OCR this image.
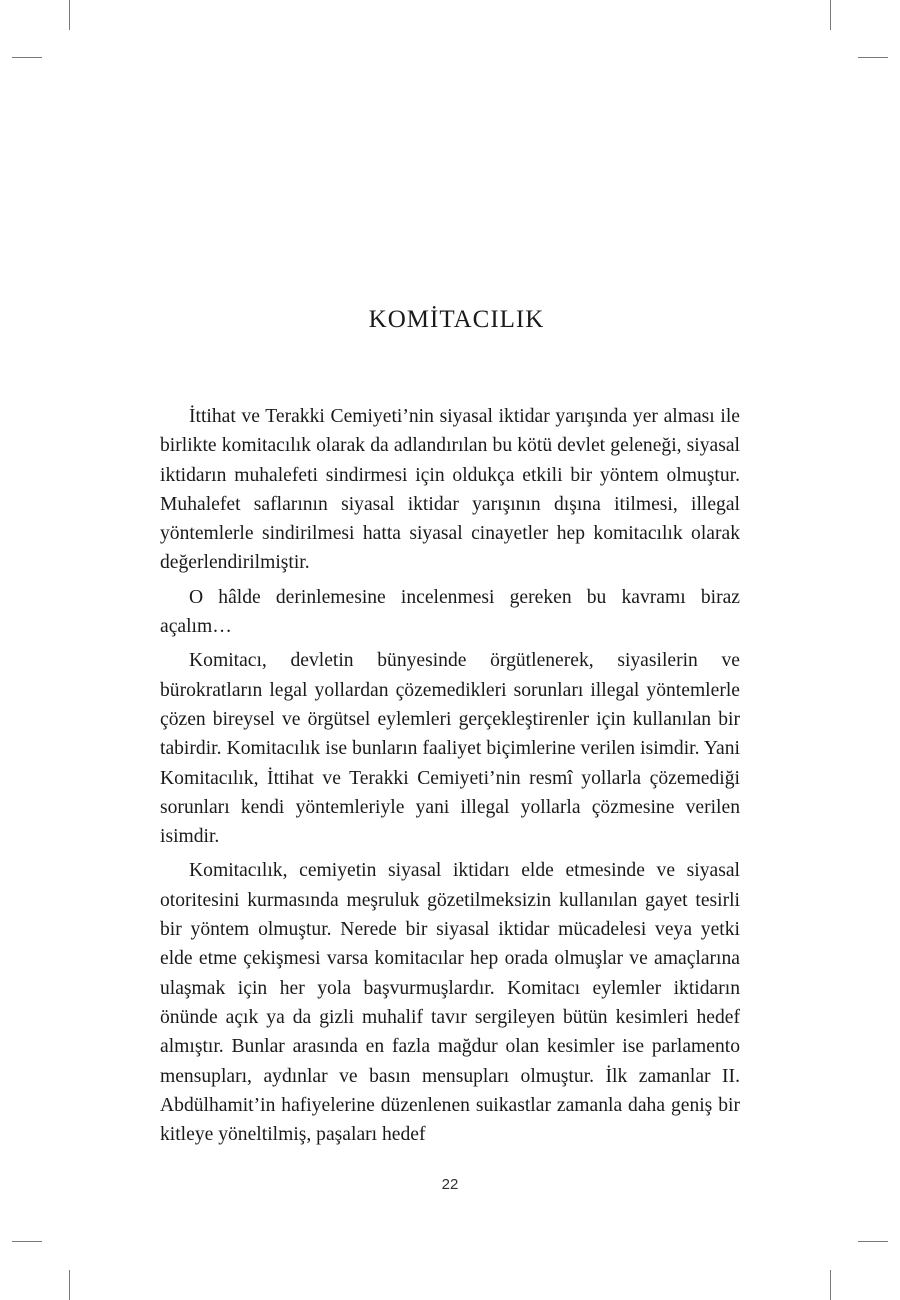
KOMİTACILIK

İttihat ve Terakki Cemiyeti’nin siyasal iktidar yarışında yer alması ile birlikte komitacılık olarak da adlandırılan bu kötü devlet geleneği, siyasal iktidarın muhalefeti sindirmesi için oldukça etkili bir yöntem olmuştur. Muhalefet saflarının siyasal iktidar yarışının dışına itilmesi, illegal yöntemlerle sindirilmesi hatta siyasal cinayetler hep komitacılık olarak değerlendirilmiştir.

O hâlde derinlemesine incelenmesi gereken bu kavramı biraz açalım…

Komitacı, devletin bünyesinde örgütlenerek, siyasilerin ve bürokratların legal yollardan çözemedikleri sorunları illegal yöntemlerle çözen bireysel ve örgütsel eylemleri gerçekleştirenler için kullanılan bir tabirdir. Komitacılık ise bunların faaliyet biçimlerine verilen isimdir. Yani Komitacılık, İttihat ve Terakki Cemiyeti’nin resmî yollarla çözemediği sorunları kendi yöntemleriyle yani illegal yollarla çözmesine verilen isimdir.

Komitacılık, cemiyetin siyasal iktidarı elde etmesinde ve siyasal otoritesini kurmasında meşruluk gözetilmeksizin kullanılan gayet tesirli bir yöntem olmuştur. Nerede bir siyasal iktidar mücadelesi veya yetki elde etme çekişmesi varsa komitacılar hep orada olmuşlar ve amaçlarına ulaşmak için her yola başvurmuşlardır. Komitacı eylemler iktidarın önünde açık ya da gizli muhalif tavır sergileyen bütün kesimleri hedef almıştır. Bunlar arasında en fazla mağdur olan kesimler ise parlamento mensupları, aydınlar ve basın mensupları olmuştur. İlk zamanlar II. Abdülhamit’in hafiyelerine düzenlenen suikastlar zamanla daha geniş bir kitleye yöneltilmiş, paşaları hedef

22
